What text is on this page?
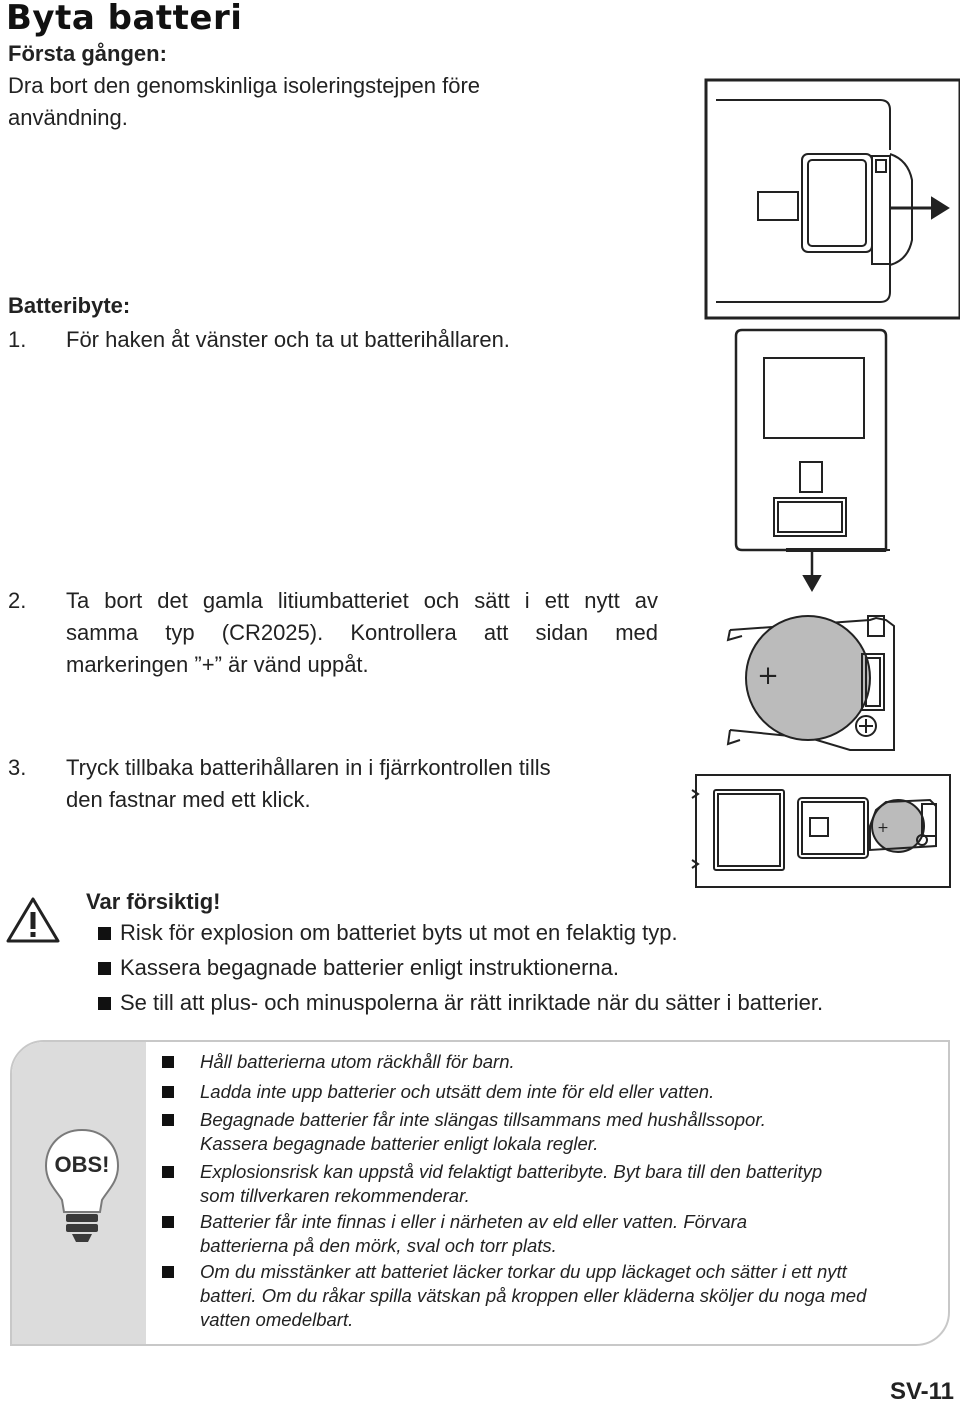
Byta batteri
Första gången:
Dra bort den genomskinliga isoleringstejpen före
användning.
Batteribyte:
1. För haken åt vänster och ta ut batterihållaren.
2. Ta bort det gamla litiumbatteriet och sätt i ett nytt av
samma typ (CR2025). Kontrollera att sidan med
markeringen ”+” är vänd uppåt.
3. Tryck tillbaka batterihållaren in i fjärrkontrollen tills
den fastnar med ett klick.
+
+
Var försiktig!
Risk för explosion om batteriet byts ut mot en felaktig typ.
Kassera begagnade batterier enligt instruktionerna.
Se till att plus- och minuspolerna är rätt inriktade när du sätter i batterier.
OBS!
Håll batterierna utom räckhåll för barn.
Ladda inte upp batterier och utsätt dem inte för eld eller vatten.
Begagnade batterier får inte slängas tillsammans med hushållssopor.
Kassera begagnade batterier enligt lokala regler.
Explosionsrisk kan uppstå vid felaktigt batteribyte. Byt bara till den batterityp
som tillverkaren rekommenderar.
Batterier får inte finnas i eller i närheten av eld eller vatten. Förvara
batterierna på den mörk, sval och torr plats.
Om du misstänker att batteriet läcker torkar du upp läckaget och sätter i ett nytt
batteri. Om du råkar spilla vätskan på kroppen eller kläderna sköljer du noga med
vatten omedelbart.
SV-11
